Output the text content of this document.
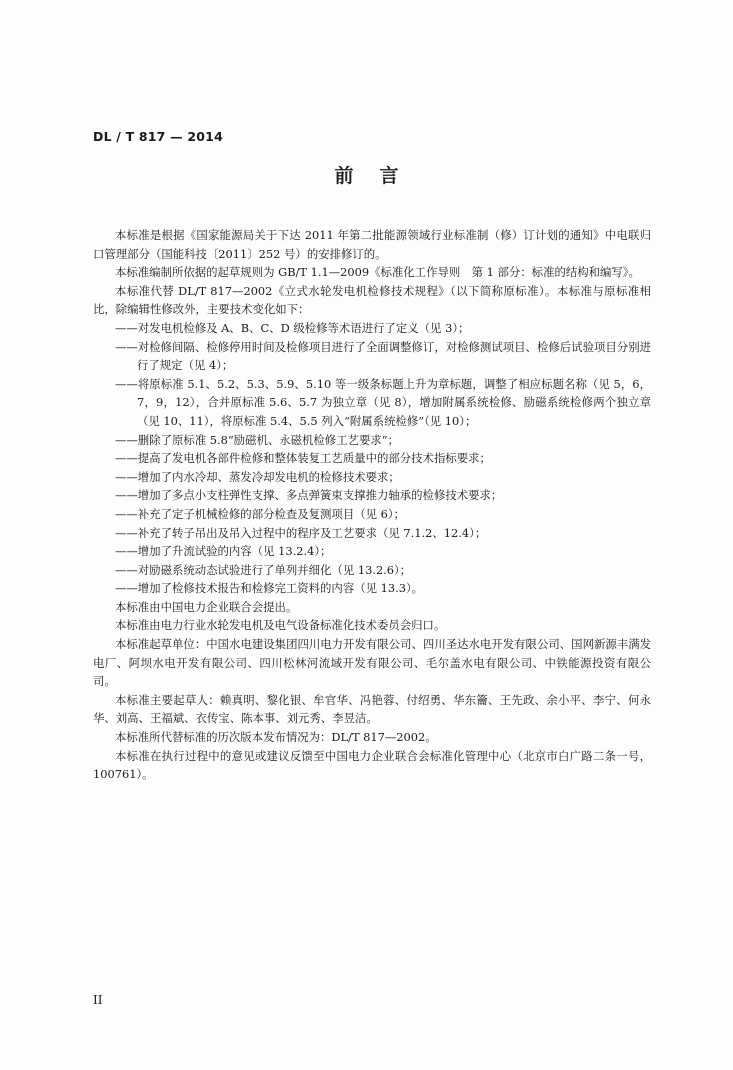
DL / T 817 — 2014
前言

本标准是根据《国家能源局关于下达 2011 年第二批能源领域行业标准制（修）订计划的通知》中电联归口管理部分（国能科技〔2011〕252 号）的安排修订的。

本标准编制所依据的起草规则为 GB/T 1.1—2009《标准化工作导则　第 1 部分：标准的结构和编写》。

本标准代替 DL/T 817—2002《立式水轮发电机检修技术规程》（以下简称原标准）。本标准与原标准相比，除编辑性修改外，主要技术变化如下：

——对发电机检修及 A、B、C、D 级检修等术语进行了定义（见 3）；

——对检修间隔、检修停用时间及检修项目进行了全面调整修订，对检修测试项目、检修后试验项目分别进行了规定（见 4）；

——将原标准 5.1、5.2、5.3、5.9、5.10 等一级条标题上升为章标题，调整了相应标题名称（见 5，6，7，9，12），合并原标准 5.6、5.7 为独立章（见 8），增加附属系统检修、励磁系统检修两个独立章（见 10、11），将原标准 5.4、5.5 列入“附属系统检修”（见 10）；

——删除了原标准 5.8“励磁机、永磁机检修工艺要求”；

——提高了发电机各部件检修和整体装复工艺质量中的部分技术指标要求；

——增加了内水冷却、蒸发冷却发电机的检修技术要求；

——增加了多点小支柱弹性支撑、多点弹簧束支撑推力轴承的检修技术要求；

——补充了定子机械检修的部分检查及复测项目（见 6）；

——补充了转子吊出及吊入过程中的程序及工艺要求（见 7.1.2、12.4）；

——增加了升流试验的内容（见 13.2.4）；

——对励磁系统动态试验进行了单列并细化（见 13.2.6）；

——增加了检修技术报告和检修完工资料的内容（见 13.3）。

本标准由中国电力企业联合会提出。

本标准由电力行业水轮发电机及电气设备标准化技术委员会归口。

本标准起草单位：中国水电建设集团四川电力开发有限公司、四川圣达水电开发有限公司、国网新源丰满发电厂、阿坝水电开发有限公司、四川松林河流域开发有限公司、毛尔盖水电有限公司、中铁能源投资有限公司。

本标准主要起草人：赖真明、黎化银、牟官华、冯艳蓉、付绍勇、华东籥、王先政、余小平、李宁、何永华、刘高、王福斌、衣传宝、陈本事、刘元秀、李昱洁。

本标准所代替标准的历次版本发布情况为：DL/T 817—2002。

本标准在执行过程中的意见或建议反馈至中国电力企业联合会标准化管理中心（北京市白广路二条一号，100761）。

II
